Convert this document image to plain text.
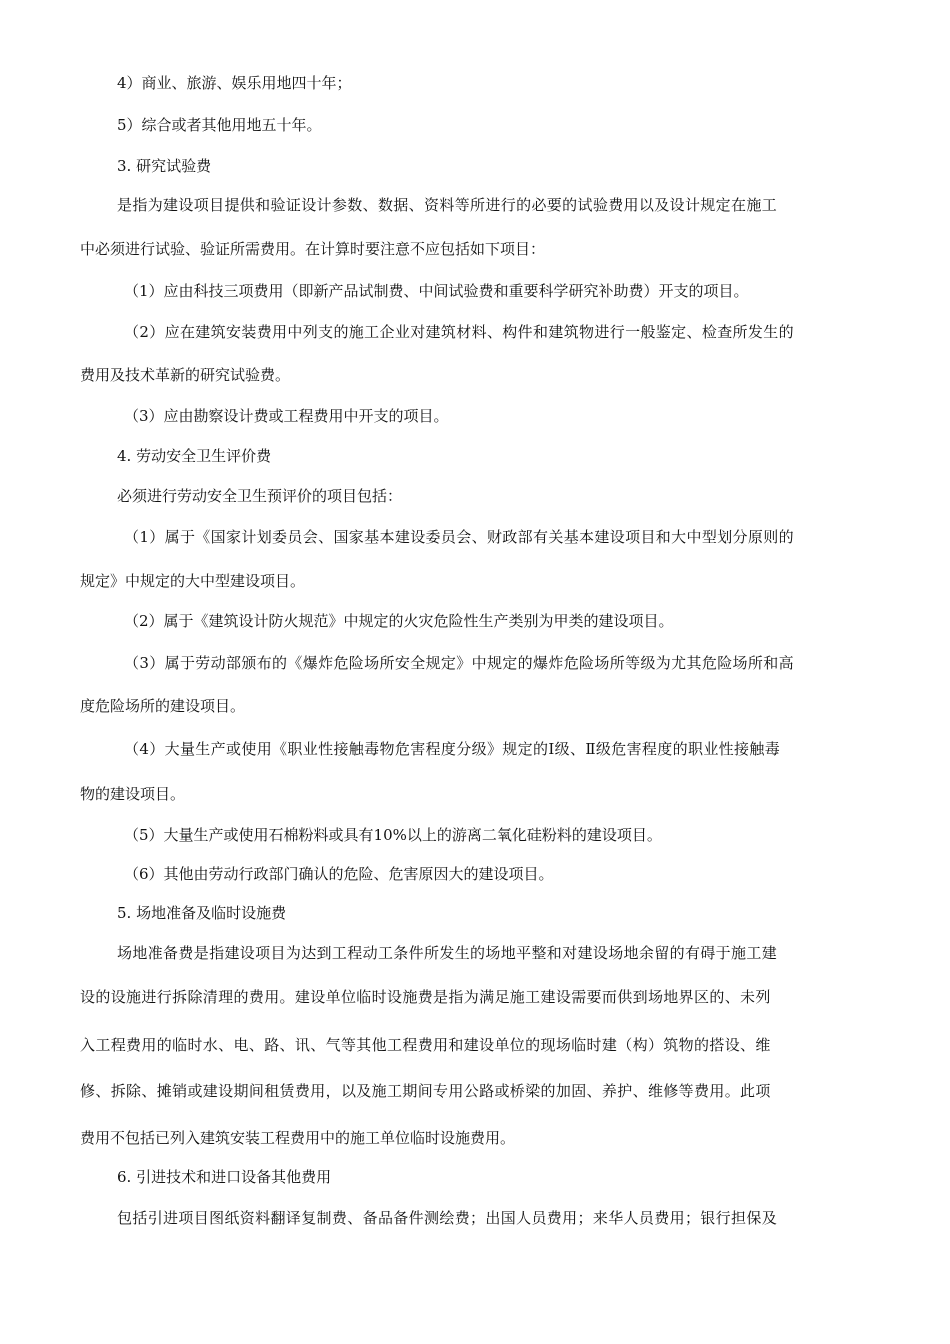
4）商业、旅游、娱乐用地四十年；
5）综合或者其他用地五十年。
3. 研究试验费
是指为建设项目提供和验证设计参数、数据、资料等所进行的必要的试验费用以及设计规定在施工
中必须进行试验、验证所需费用。在计算时要注意不应包括如下项目：
（1）应由科技三项费用（即新产品试制费、中间试验费和重要科学研究补助费）开支的项目。
（2）应在建筑安装费用中列支的施工企业对建筑材料、构件和建筑物进行一般鉴定、检查所发生的
费用及技术革新的研究试验费。
（3）应由勘察设计费或工程费用中开支的项目。
4. 劳动安全卫生评价费
必须进行劳动安全卫生预评价的项目包括：
（1）属于《国家计划委员会、国家基本建设委员会、财政部有关基本建设项目和大中型划分原则的
规定》中规定的大中型建设项目。
（2）属于《建筑设计防火规范》中规定的火灾危险性生产类别为甲类的建设项目。
（3）属于劳动部颁布的《爆炸危险场所安全规定》中规定的爆炸危险场所等级为尤其危险场所和高
度危险场所的建设项目。
（4）大量生产或使用《职业性接触毒物危害程度分级》规定的Ⅰ级、Ⅱ级危害程度的职业性接触毒
物的建设项目。
（5）大量生产或使用石棉粉料或具有10%以上的游离二氧化硅粉料的建设项目。
（6）其他由劳动行政部门确认的危险、危害原因大的建设项目。
5. 场地准备及临时设施费
场地准备费是指建设项目为达到工程动工条件所发生的场地平整和对建设场地余留的有碍于施工建
设的设施进行拆除清理的费用。建设单位临时设施费是指为满足施工建设需要而供到场地界区的、未列
入工程费用的临时水、电、路、讯、气等其他工程费用和建设单位的现场临时建（构）筑物的搭设、维
修、拆除、摊销或建设期间租赁费用，以及施工期间专用公路或桥梁的加固、养护、维修等费用。此项
费用不包括已列入建筑安装工程费用中的施工单位临时设施费用。
6. 引进技术和进口设备其他费用
包括引进项目图纸资料翻译复制费、备品备件测绘费；出国人员费用；来华人员费用；银行担保及
